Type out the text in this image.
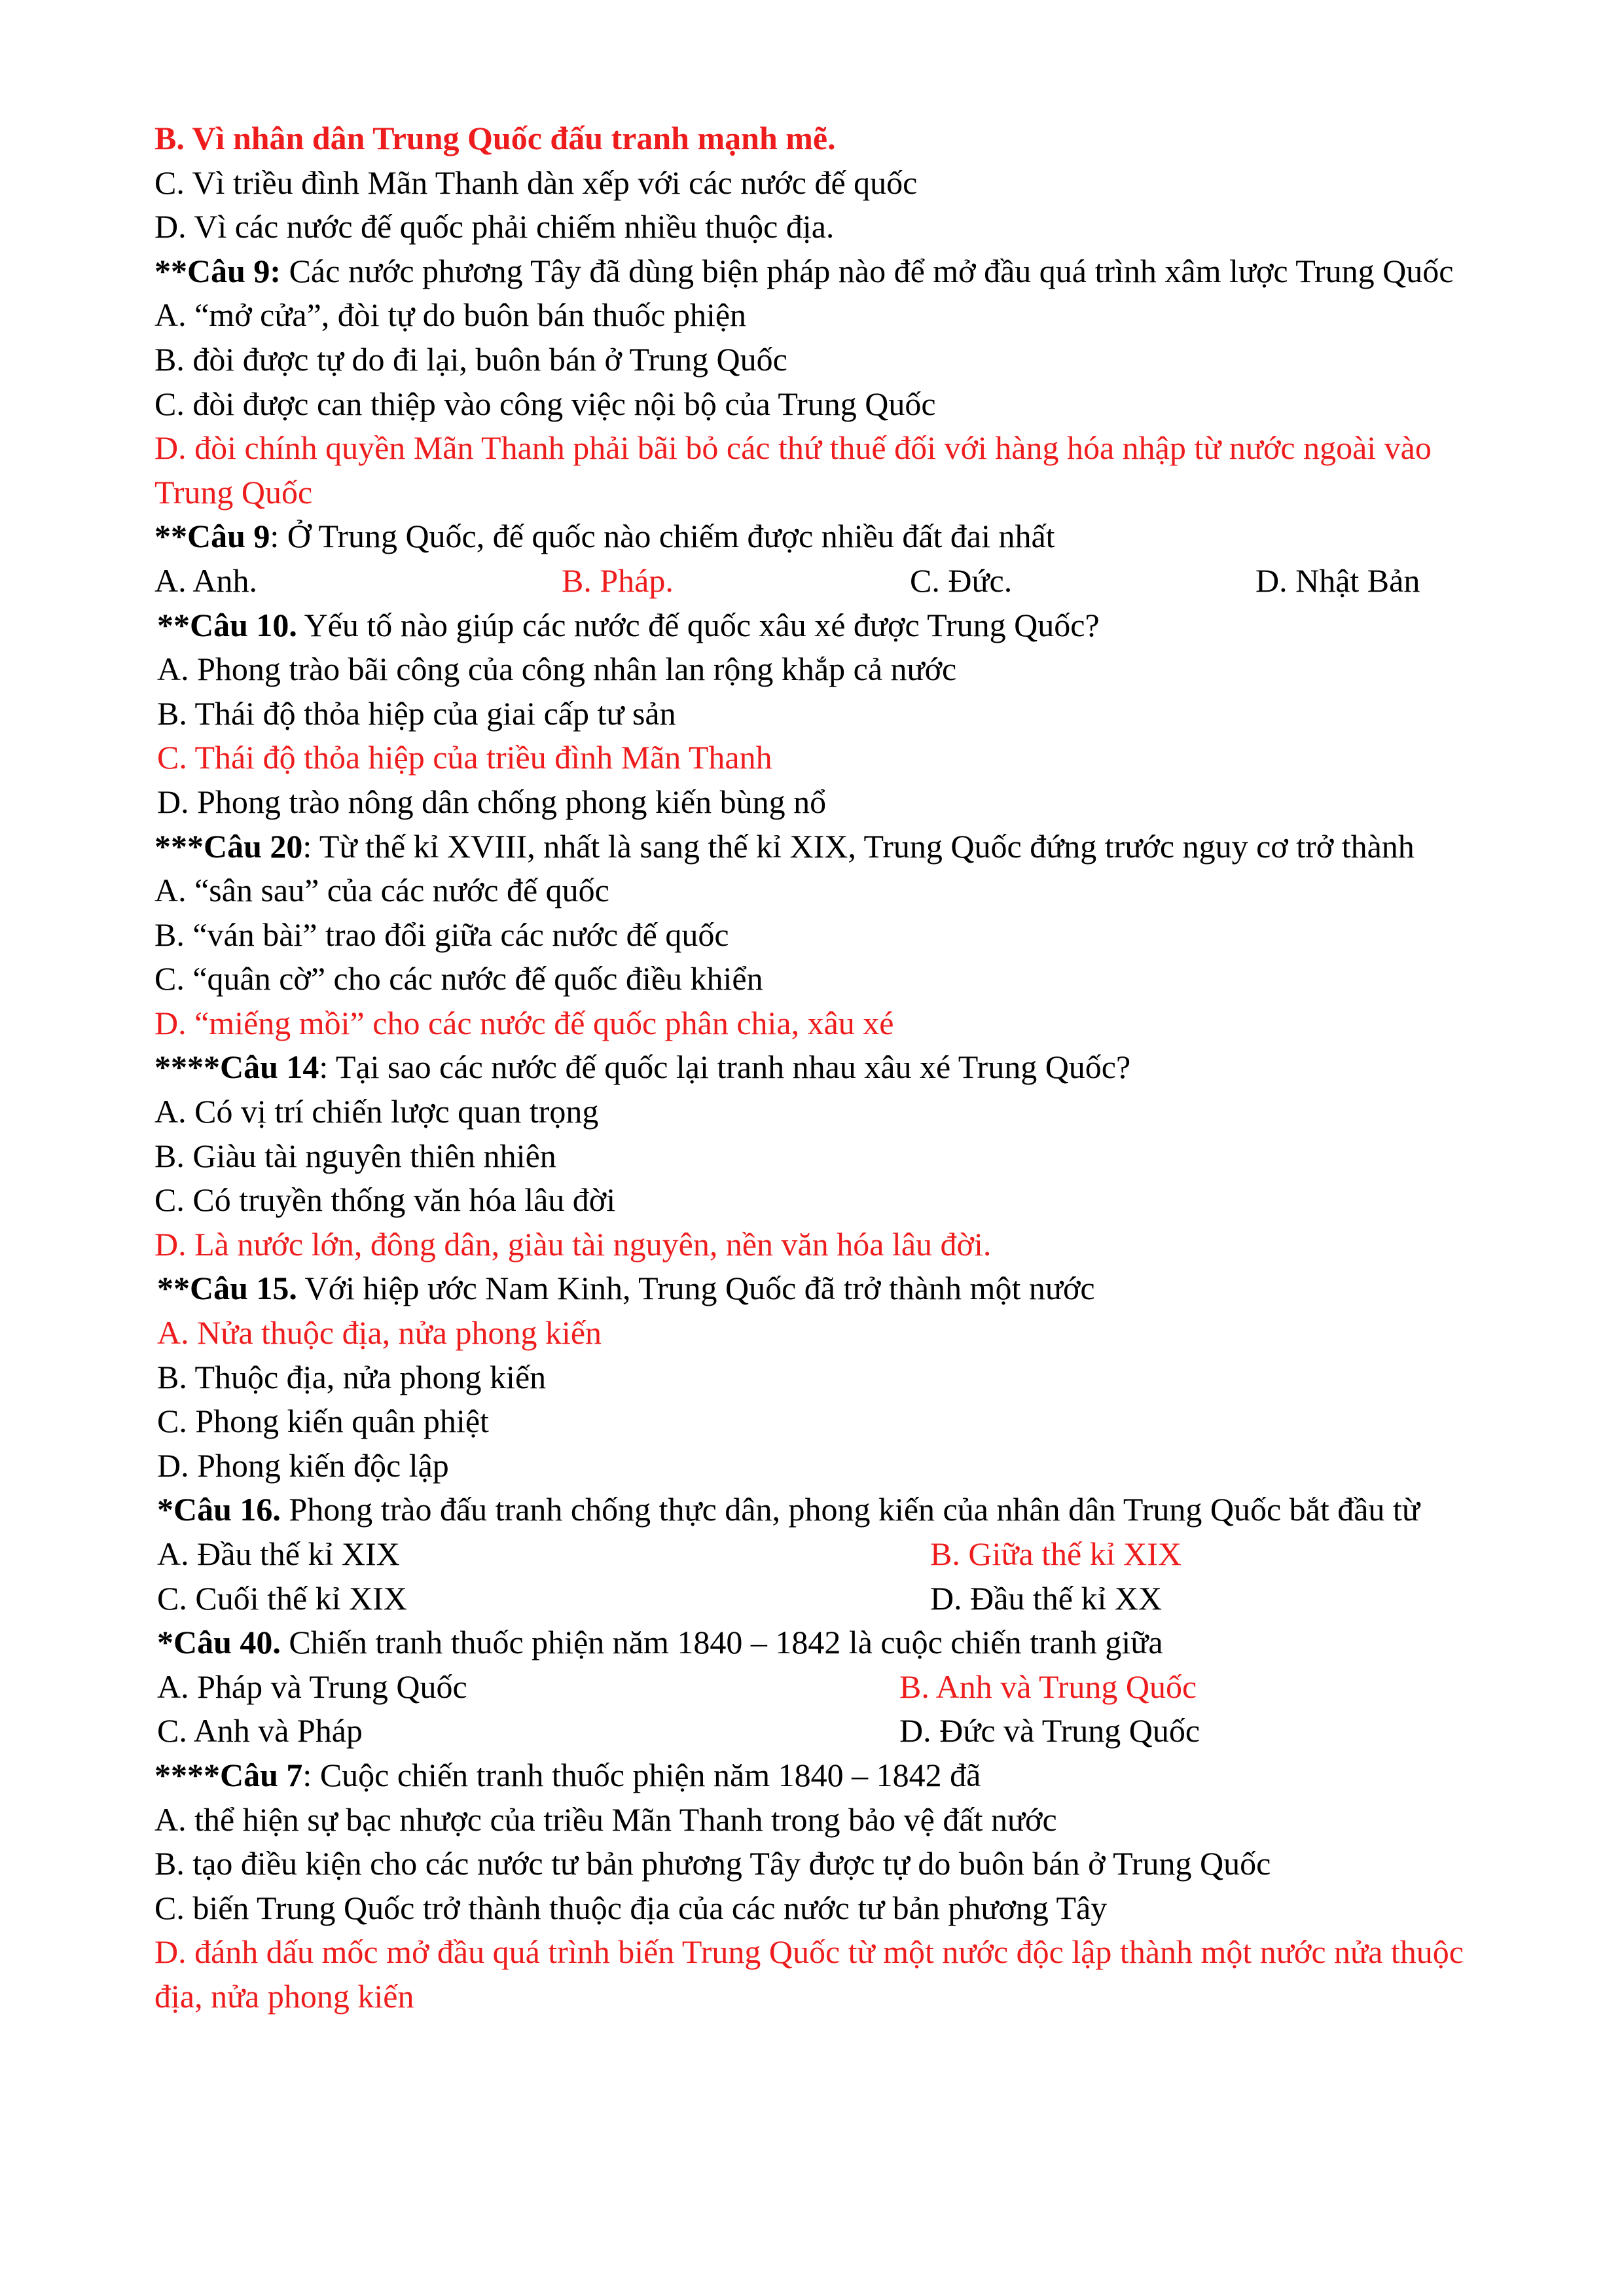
B. Vì nhân dân Trung Quốc đấu tranh mạnh mẽ.
C. Vì triều đình Mãn Thanh dàn xếp với các nước đế quốc
D. Vì các nước đế quốc phải chiếm nhiều thuộc địa.
**Câu 9: Các nước phương Tây đã dùng biện pháp nào để mở đầu quá trình xâm lược Trung Quốc
A. “mở cửa”, đòi tự do buôn bán thuốc phiện
B. đòi được tự do đi lại, buôn bán ở Trung Quốc
C. đòi được can thiệp vào công việc nội bộ của Trung Quốc
D. đòi chính quyền Mãn Thanh phải bãi bỏ các thứ thuế đối với hàng hóa nhập từ nước ngoài vào Trung Quốc
**Câu 9: Ở Trung Quốc, đế quốc nào chiếm được nhiều đất đai nhất
A. Anh.	B. Pháp.	C. Đức.	D. Nhật Bản
**Câu 10. Yếu tố nào giúp các nước đế quốc xâu xé được Trung Quốc?
A. Phong trào bãi công của công nhân lan rộng khắp cả nước
B. Thái độ thỏa hiệp của giai cấp tư sản
C. Thái độ thỏa hiệp của triều đình Mãn Thanh
D. Phong trào nông dân chống phong kiến bùng nổ
***Câu 20: Từ thế kỉ XVIII, nhất là sang thế kỉ XIX, Trung Quốc đứng trước nguy cơ trở thành
A. “sân sau” của các nước đế quốc
B. “ván bài” trao đổi giữa các nước đế quốc
C. “quân cờ” cho các nước đế quốc điều khiển
D. “miếng mồi” cho các nước đế quốc phân chia, xâu xé
****Câu 14: Tại sao các nước đế quốc lại tranh nhau xâu xé Trung Quốc?
A. Có vị trí chiến lược quan trọng
B. Giàu tài nguyên thiên nhiên
C. Có truyền thống văn hóa lâu đời
D. Là nước lớn, đông dân, giàu tài nguyên, nền văn hóa lâu đời.
**Câu 15. Với hiệp ước Nam Kinh, Trung Quốc đã trở thành một nước
A. Nửa thuộc địa, nửa phong kiến
B. Thuộc địa, nửa phong kiến
C. Phong kiến quân phiệt
D. Phong kiến độc lập
*Câu 16. Phong trào đấu tranh chống thực dân, phong kiến của nhân dân Trung Quốc bắt đầu từ
A. Đầu thế kỉ XIX	B. Giữa thế kỉ XIX
C. Cuối thế kỉ XIX	D. Đầu thế kỉ XX
*Câu 40. Chiến tranh thuốc phiện năm 1840 – 1842 là cuộc chiến tranh giữa
A. Pháp và Trung Quốc	B. Anh và Trung Quốc
C. Anh và Pháp	D. Đức và Trung Quốc
****Câu 7: Cuộc chiến tranh thuốc phiện năm 1840 – 1842 đã
A. thể hiện sự bạc nhược của triều Mãn Thanh trong bảo vệ đất nước
B. tạo điều kiện cho các nước tư bản phương Tây được tự do buôn bán ở Trung Quốc
C. biến Trung Quốc trở thành thuộc địa của các nước tư bản phương Tây
D. đánh dấu mốc mở đầu quá trình biến Trung Quốc từ một nước độc lập thành một nước nửa thuộc địa, nửa phong kiến
